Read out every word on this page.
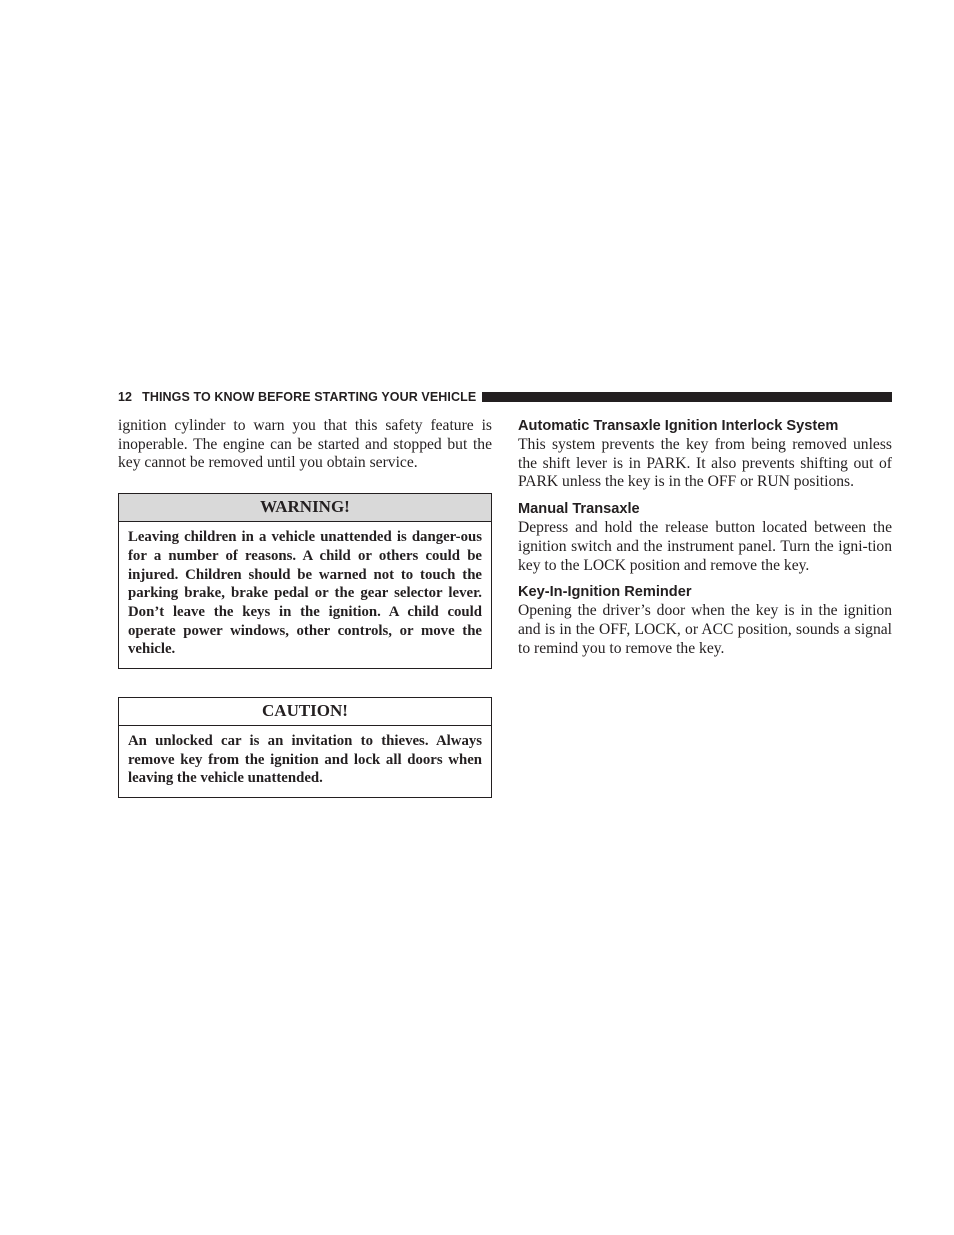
12 THINGS TO KNOW BEFORE STARTING YOUR VEHICLE

ignition cylinder to warn you that this safety feature is inoperable. The engine can be started and stopped but the key cannot be removed until you obtain service.

WARNING!

Leaving children in a vehicle unattended is danger-ous for a number of reasons. A child or others could be injured. Children should be warned not to touch the parking brake, brake pedal or the gear selector lever. Don’t leave the keys in the ignition. A child could operate power windows, other controls, or move the vehicle.

CAUTION!

An unlocked car is an invitation to thieves. Always remove key from the ignition and lock all doors when leaving the vehicle unattended.

Automatic Transaxle Ignition Interlock System

This system prevents the key from being removed unless the shift lever is in PARK. It also prevents shifting out of PARK unless the key is in the OFF or RUN positions.

Manual Transaxle

Depress and hold the release button located between the ignition switch and the instrument panel. Turn the igni-tion key to the LOCK position and remove the key.

Key-In-Ignition Reminder

Opening the driver’s door when the key is in the ignition and is in the OFF, LOCK, or ACC position, sounds a signal to remind you to remove the key.
